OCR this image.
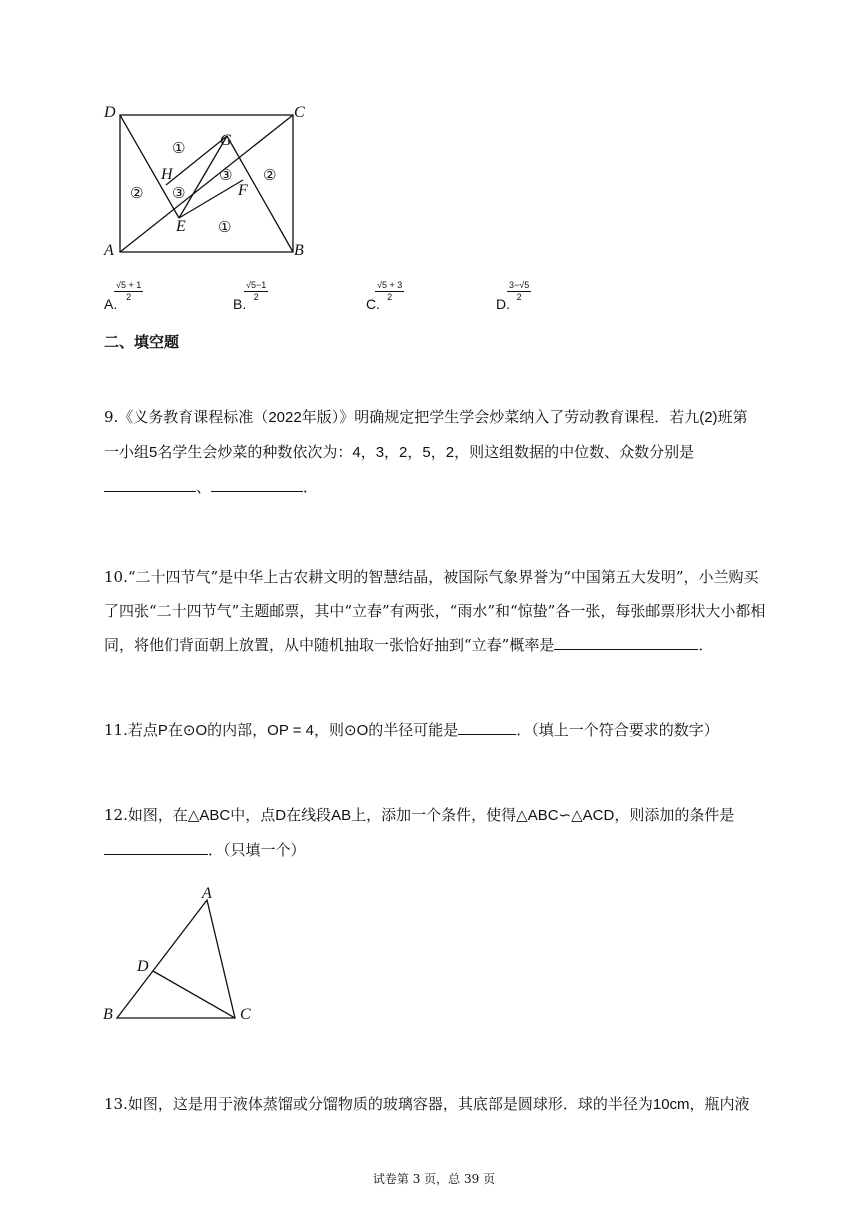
D	C
A	B
G
H
E
F
①
② ③
③ ②
①
A.
$\frac{√5 + 1}{2}$
B.
$\frac{√5-1}{2}$
C.
$\frac{√5 + 3}{2}$
D.
$\frac{3-√5}{2}$
二、填空题
9.《义务教育课程标准（2022年版）》明确规定把学生学会炒菜纳入了劳动教育课程．若九(2)班第
一小组5名学生会炒菜的种数依次为：4，3，2，5，2，则这组数据的中位数、众数分别是
、	．
10.“二十四节气”是中华上古农耕文明的智慧结晶，被国际气象界誉为“中国第五大发明”，小兰购买
了四张“二十四节气”主题邮票，其中“立春”有两张，“雨水”和“惊蛰”各一张，每张邮票形状大小都相
同，将他们背面朝上放置，从中随机抽取一张恰好抽到“立春”概率是	．
11.若点P在⊙O的内部，OP = 4，则⊙O的半径可能是	．（填上一个符合要求的数字）
12.如图，在△ABC中，点D在线段AB上，添加一个条件，使得△ABC∽△ACD，则添加的条件是
．（只填一个）
A
D
B	C
13.如图，这是用于液体蒸馏或分馏物质的玻璃容器，其底部是圆球形．球的半径为10cm，瓶内液
试卷第 3 页，总 39 页
